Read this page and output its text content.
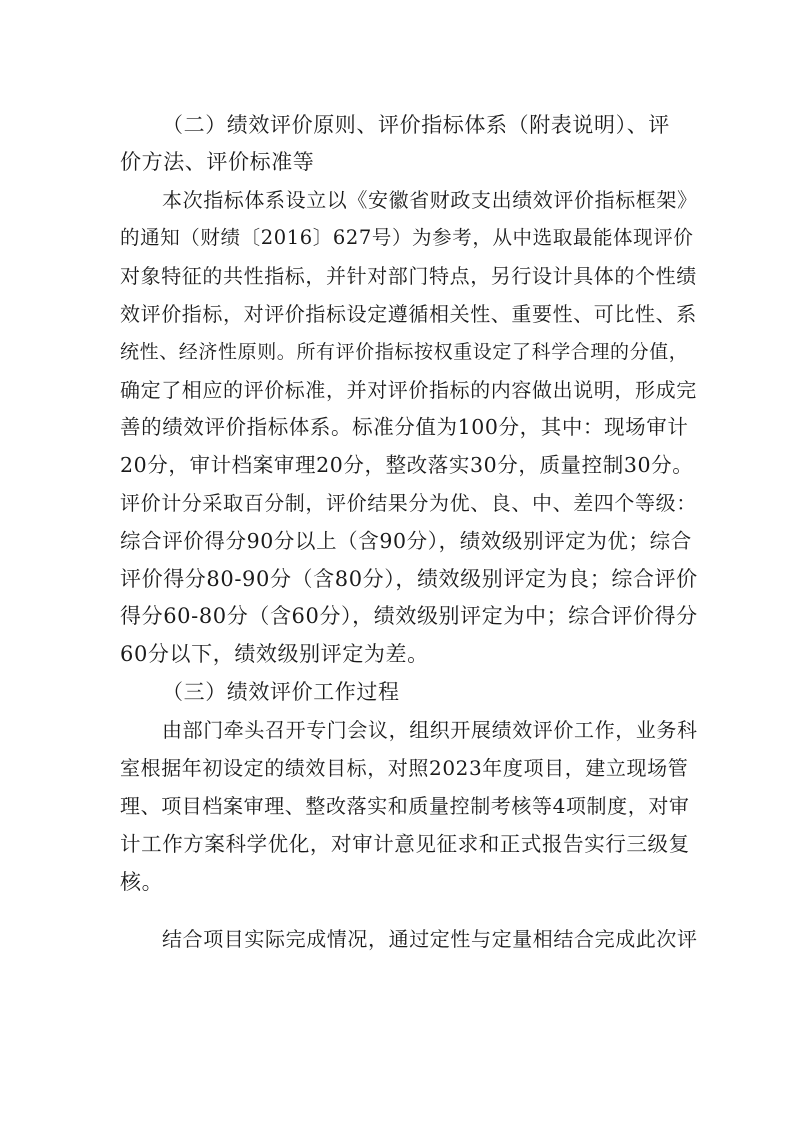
（二）绩效评价原则、评价指标体系（附表说明）、评
价方法、评价标准等
本次指标体系设立以《安徽省财政支出绩效评价指标框架》
的通知（财绩〔2016〕627号）为参考，从中选取最能体现评价
对象特征的共性指标，并针对部门特点，另行设计具体的个性绩
效评价指标，对评价指标设定遵循相关性、重要性、可比性、系
统性、经济性原则。所有评价指标按权重设定了科学合理的分值，
确定了相应的评价标准，并对评价指标的内容做出说明，形成完
善的绩效评价指标体系。标准分值为100分，其中：现场审计
20分，审计档案审理20分，整改落实30分，质量控制30分。
评价计分采取百分制，评价结果分为优、良、中、差四个等级：
综合评价得分90分以上（含90分），绩效级别评定为优；综合
评价得分80-90分（含80分），绩效级别评定为良；综合评价
得分60-80分（含60分），绩效级别评定为中；综合评价得分
60分以下，绩效级别评定为差。
（三）绩效评价工作过程
由部门牵头召开专门会议，组织开展绩效评价工作，业务科
室根据年初设定的绩效目标，对照2023年度项目，建立现场管
理、项目档案审理、整改落实和质量控制考核等4项制度，对审
计工作方案科学优化，对审计意见征求和正式报告实行三级复
核。
结合项目实际完成情况，通过定性与定量相结合完成此次评
